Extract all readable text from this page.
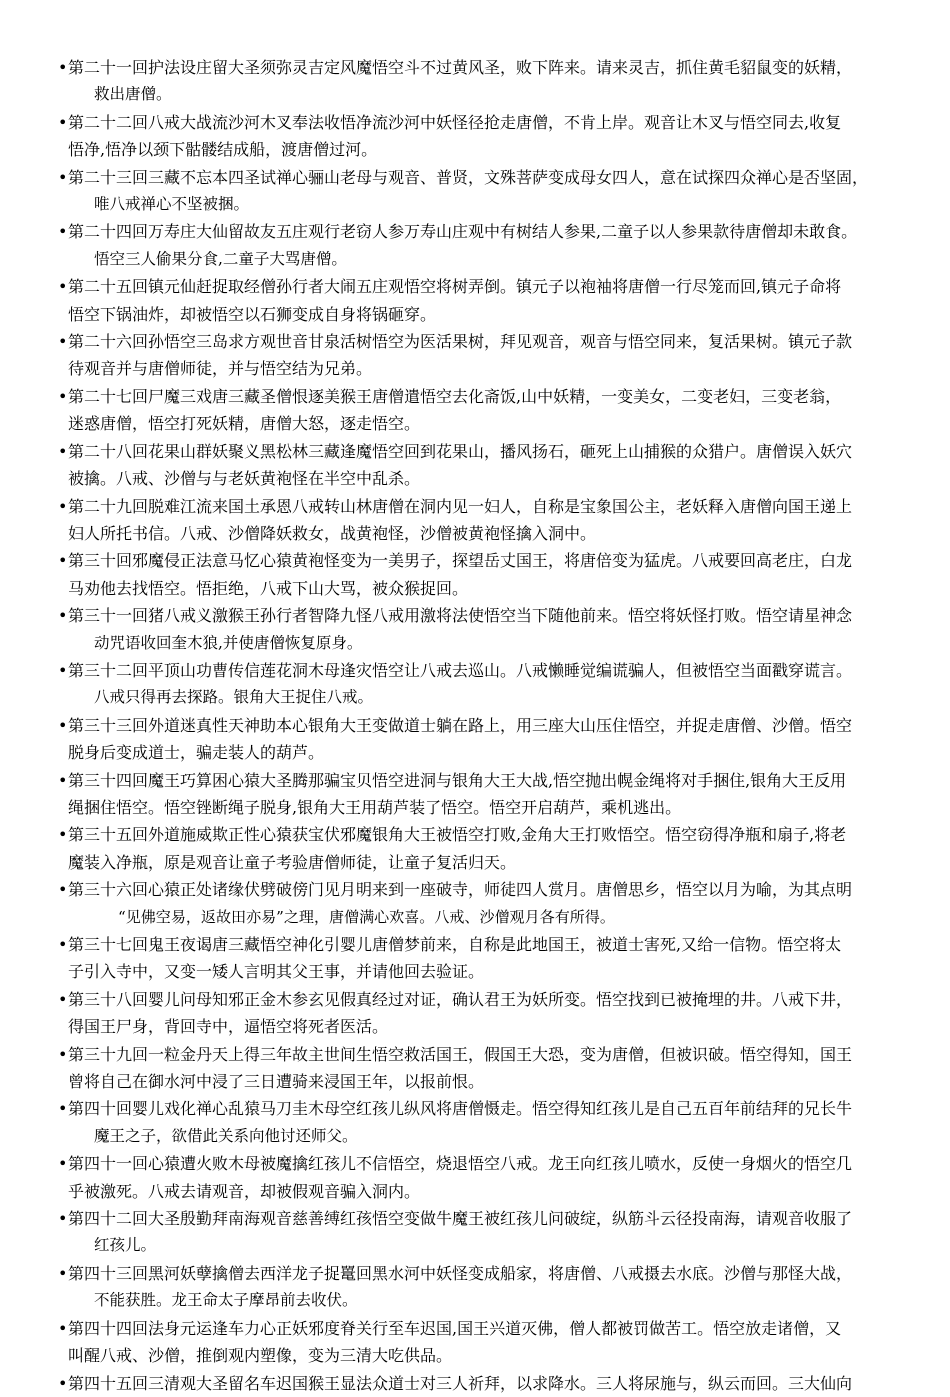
• 第二十一回护法设庄留大圣须弥灵吉定风魔悟空斗不过黄风圣，败下阵来。请来灵吉，抓住黄毛貂鼠变的妖精，
救出唐僧。
• 第二十二回八戒大战流沙河木叉奉法收悟净流沙河中妖怪径抢走唐僧，不肯上岸。观音让木叉与悟空同去,收复
悟净,悟净以颈下骷髅结成船，渡唐僧过河。
• 第二十三回三藏不忘本四圣试禅心骊山老母与观音、普贤，文殊菩萨变成母女四人，意在试探四众禅心是否坚固，
唯八戒禅心不坚被捆。
• 第二十四回万寿庄大仙留故友五庄观行老窃人参万寿山庄观中有树结人参果,二童子以人参果款待唐僧却未敢食。
悟空三人偷果分食,二童子大骂唐僧。
• 第二十五回镇元仙赶捉取经僧孙行者大闹五庄观悟空将树弄倒。镇元子以袍袖将唐僧一行尽笼而回,镇元子命将
悟空下锅油炸，却被悟空以石狮变成自身将锅砸穿。
• 第二十六回孙悟空三岛求方观世音甘泉活树悟空为医活果树，拜见观音，观音与悟空同来，复活果树。镇元子款
待观音并与唐僧师徒，并与悟空结为兄弟。
• 第二十七回尸魔三戏唐三藏圣僧恨逐美猴王唐僧遣悟空去化斋饭,山中妖精，一变美女，二变老妇，三变老翁，
迷惑唐僧，悟空打死妖精，唐僧大怒，逐走悟空。
• 第二十八回花果山群妖聚义黑松林三藏逢魔悟空回到花果山，播风扬石，砸死上山捕猴的众猎户。唐僧误入妖穴
被擒。八戒、沙僧与与老妖黄袍怪在半空中乱杀。
• 第二十九回脱难江流来国土承恩八戒转山林唐僧在洞内见一妇人，自称是宝象国公主，老妖释入唐僧向国王递上
妇人所托书信。八戒、沙僧降妖救女，战黄袍怪，沙僧被黄袍怪擒入洞中。
• 第三十回邪魔侵正法意马忆心猿黄袍怪变为一美男子，探望岳丈国王，将唐倍变为猛虎。八戒要回高老庄，白龙
马劝他去找悟空。悟拒绝，八戒下山大骂，被众猴捉回。
• 第三十一回猪八戒义激猴王孙行者智降九怪八戒用激将法使悟空当下随他前来。悟空将妖怪打败。悟空请星神念
动咒语收回奎木狼,并使唐僧恢复原身。
• 第三十二回平顶山功曹传信莲花洞木母逢灾悟空让八戒去巡山。八戒懒睡觉编谎骗人，但被悟空当面戳穿谎言。
八戒只得再去探路。银角大王捉住八戒。
• 第三十三回外道迷真性天神助本心银角大王变做道士躺在路上，用三座大山压住悟空，并捉走唐僧、沙僧。悟空
脱身后变成道士，骗走装人的葫芦。
• 第三十四回魔王巧算困心猿大圣腾那骗宝贝悟空进洞与银角大王大战,悟空抛出幌金绳将对手捆住,银角大王反用
绳捆住悟空。悟空锉断绳子脱身,银角大王用葫芦装了悟空。悟空开启葫芦，乘机逃出。
• 第三十五回外道施威欺正性心猿获宝伏邪魔银角大王被悟空打败,金角大王打败悟空。悟空窃得净瓶和扇子,将老
魔装入净瓶，原是观音让童子考验唐僧师徒，让童子复活归天。
• 第三十六回心猿正处诸缘伏劈破傍门见月明来到一座破寺，师徒四人赏月。唐僧思乡，悟空以月为喻，为其点明
“见佛空易，返故田亦易”之理，唐僧满心欢喜。八戒、沙僧观月各有所得。
• 第三十七回鬼王夜谒唐三藏悟空神化引婴儿唐僧梦前来，自称是此地国王，被道士害死,又给一信物。悟空将太
子引入寺中，又变一矮人言明其父王事，并请他回去验证。
• 第三十八回婴儿问母知邪正金木参玄见假真经过对证，确认君王为妖所变。悟空找到已被掩埋的井。八戒下井，
得国王尸身，背回寺中，逼悟空将死者医活。
• 第三十九回一粒金丹天上得三年故主世间生悟空救活国王，假国王大恐，变为唐僧，但被识破。悟空得知，国王
曾将自己在御水河中浸了三日遭骑来浸国王年，以报前恨。
• 第四十回婴儿戏化禅心乱猿马刀圭木母空红孩儿纵风将唐僧慑走。悟空得知红孩儿是自己五百年前结拜的兄长牛
魔王之子，欲借此关系向他讨还师父。
• 第四十一回心猿遭火败木母被魔擒红孩儿不信悟空，烧退悟空八戒。龙王向红孩儿喷水，反使一身烟火的悟空几
乎被激死。八戒去请观音，却被假观音骗入洞内。
• 第四十二回大圣殷勤拜南海观音慈善缚红孩悟空变做牛魔王被红孩儿问破绽，纵筋斗云径投南海，请观音收服了
红孩儿。
• 第四十三回黑河妖孽擒僧去西洋龙子捉鼍回黑水河中妖怪变成船家，将唐僧、八戒摄去水底。沙僧与那怪大战，
不能获胜。龙王命太子摩昂前去收伏。
• 第四十四回法身元运逢车力心正妖邪度脊关行至车迟国,国王兴道灭佛，僧人都被罚做苦工。悟空放走诸僧，又
叫醒八戒、沙僧，推倒观内塑像，变为三清大吃供品。
• 第四十五回三清观大圣留名车迟国猴王显法众道士对三人祈拜，以求降水。三人将尿施与，纵云而回。三大仙向
